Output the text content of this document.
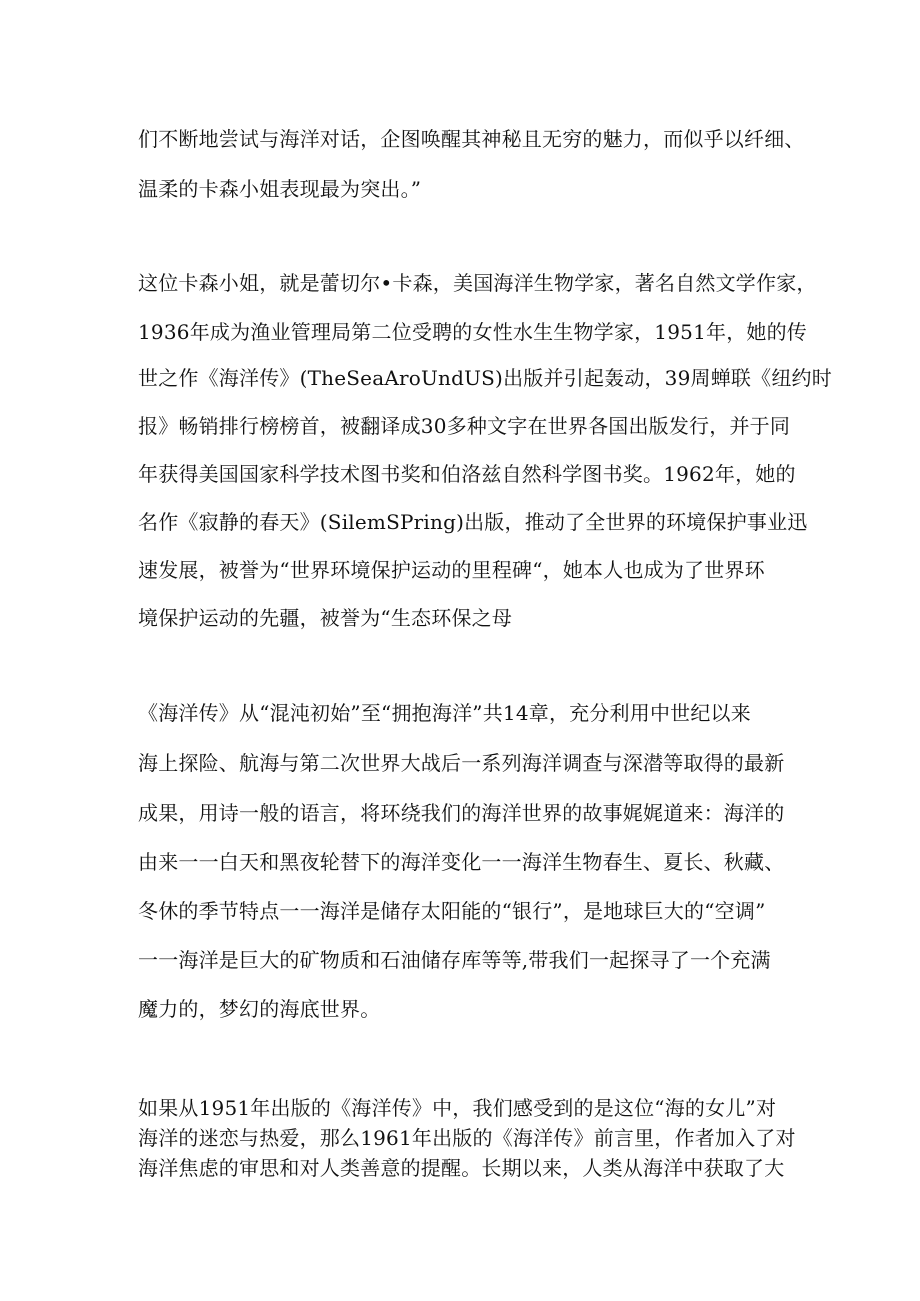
们不断地尝试与海洋对话，企图唤醒其神秘且无穷的魅力，而似乎以纤细、
温柔的卡森小姐表现最为突出。”
这位卡森小姐，就是蕾切尔•卡森，美国海洋生物学家，著名自然文学作家，
1936年成为渔业管理局第二位受聘的女性水生生物学家，1951年，她的传
世之作《海洋传》(TheSeaAroUndUS)出版并引起轰动，39周蝉联《纽约时
报》畅销排行榜榜首，被翻译成30多种文字在世界各国出版发行，并于同
年获得美国国家科学技术图书奖和伯洛兹自然科学图书奖。1962年，她的
名作《寂静的春天》(SilemSPring)出版，推动了全世界的环境保护事业迅
速发展，被誉为“世界环境保护运动的里程碑“，她本人也成为了世界环
境保护运动的先疆，被誉为“生态环保之母
《海洋传》从“混沌初始”至“拥抱海洋”共14章，充分利用中世纪以来
海上探险、航海与第二次世界大战后一系列海洋调查与深潜等取得的最新
成果，用诗一般的语言，将环绕我们的海洋世界的故事娓娓道来：海洋的
由来一一白天和黑夜轮替下的海洋变化一一海洋生物春生、夏长、秋藏、
冬休的季节特点一一海洋是储存太阳能的“银行”，是地球巨大的“空调”
一一海洋是巨大的矿物质和石油储存库等等,带我们一起探寻了一个充满
魔力的，梦幻的海底世界。
如果从1951年出版的《海洋传》中，我们感受到的是这位“海的女儿”对
海洋的迷恋与热爱，那么1961年出版的《海洋传》前言里，作者加入了对
海洋焦虑的审思和对人类善意的提醒。长期以来，人类从海洋中获取了大
